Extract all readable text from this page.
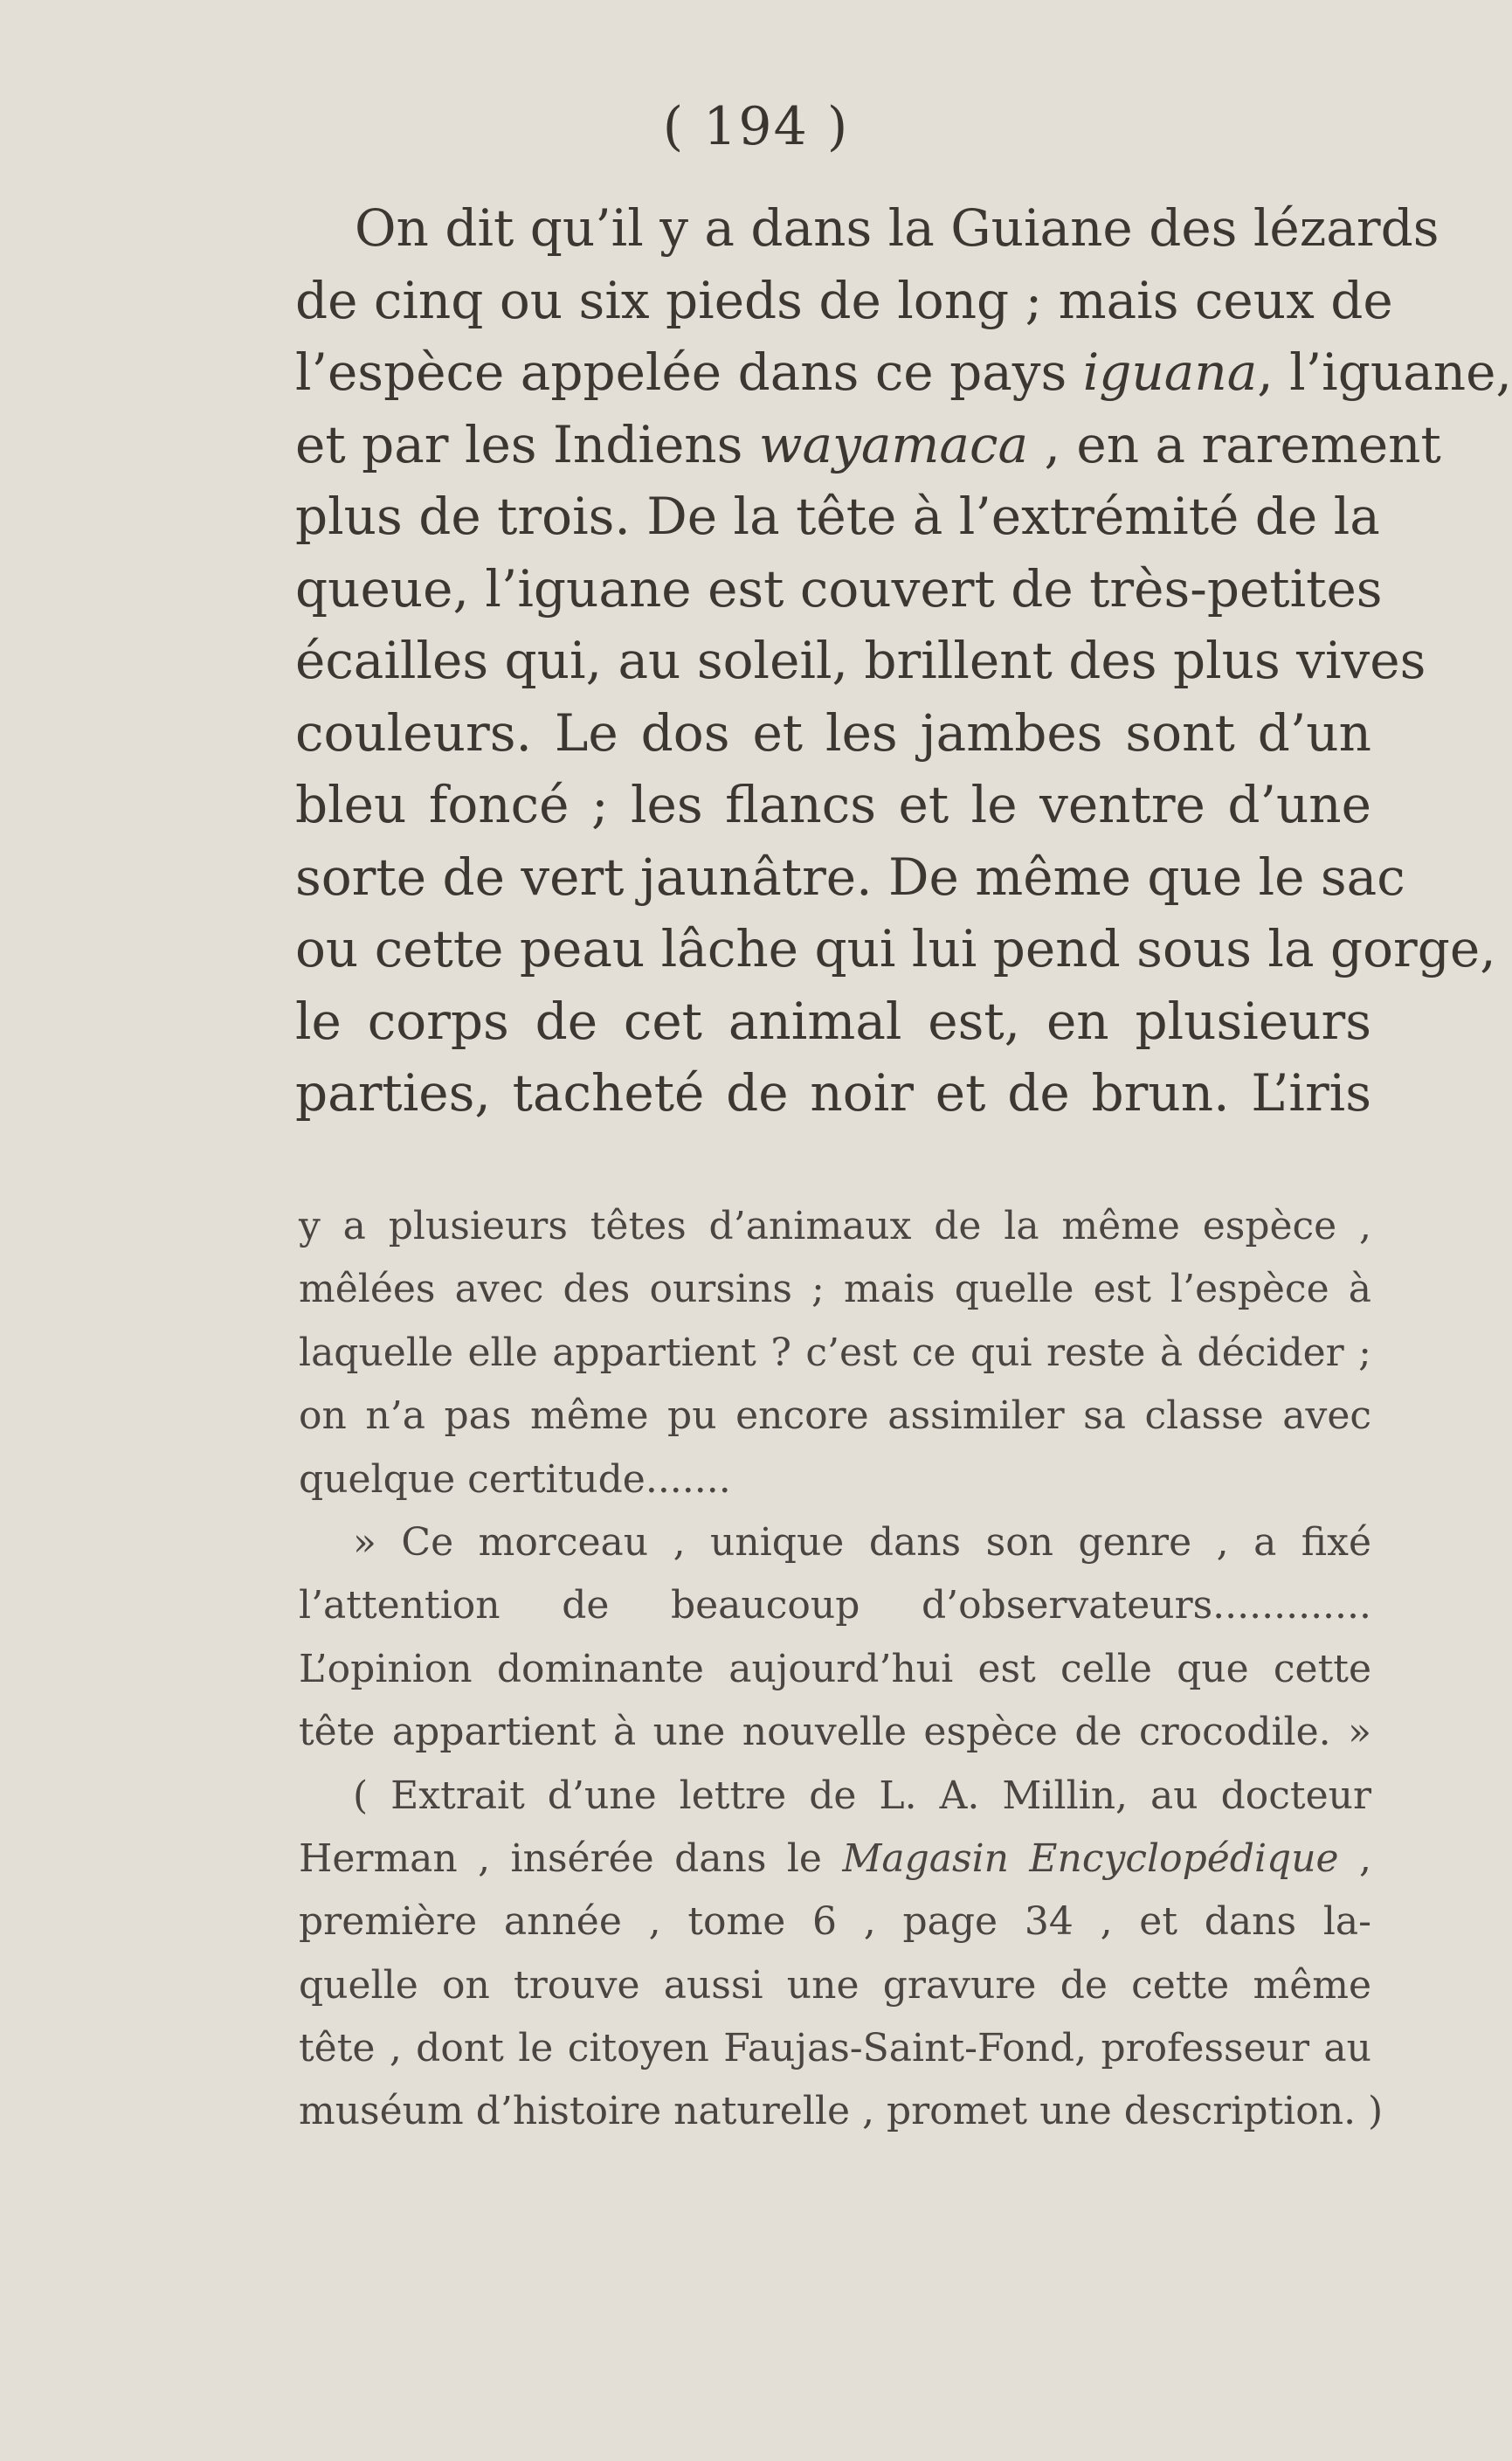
( 194 )
On dit qu’il y a dans la Guiane des lézards
de cinq ou six pieds de long ; mais ceux de
l’espèce appelée dans ce pays iguana, l’iguane,
et par les Indiens wayamaca , en a rarement
plus de trois. De la tête à l’extrémité de la
queue, l’iguane est couvert de très-petites
écailles qui, au soleil, brillent des plus vives
couleurs. Le dos et les jambes sont d’un
bleu foncé ; les flancs et le ventre d’une
sorte de vert jaunâtre. De même que le sac
ou cette peau lâche qui lui pend sous la gorge,
le corps de cet animal est, en plusieurs
parties, tacheté de noir et de brun. L’iris
y a plusieurs têtes d’animaux de la même espèce ,
mêlées avec des oursins ; mais quelle est l’espèce à
laquelle elle appartient ? c’est ce qui reste à décider ;
on n’a pas même pu encore assimiler sa classe avec
quelque certitude.......
» Ce morceau , unique dans son genre , a fixé
l’attention de beaucoup d’observateurs.............
L’opinion dominante aujourd’hui est celle que cette
tête appartient à une nouvelle espèce de crocodile. »
( Extrait d’une lettre de L. A. Millin, au docteur
Herman , insérée dans le Magasin Encyclopédique ,
première année , tome 6 , page 34 , et dans la-
quelle on trouve aussi une gravure de cette même
tête , dont le citoyen Faujas-Saint-Fond, professeur au
muséum d’histoire naturelle , promet une description. )
